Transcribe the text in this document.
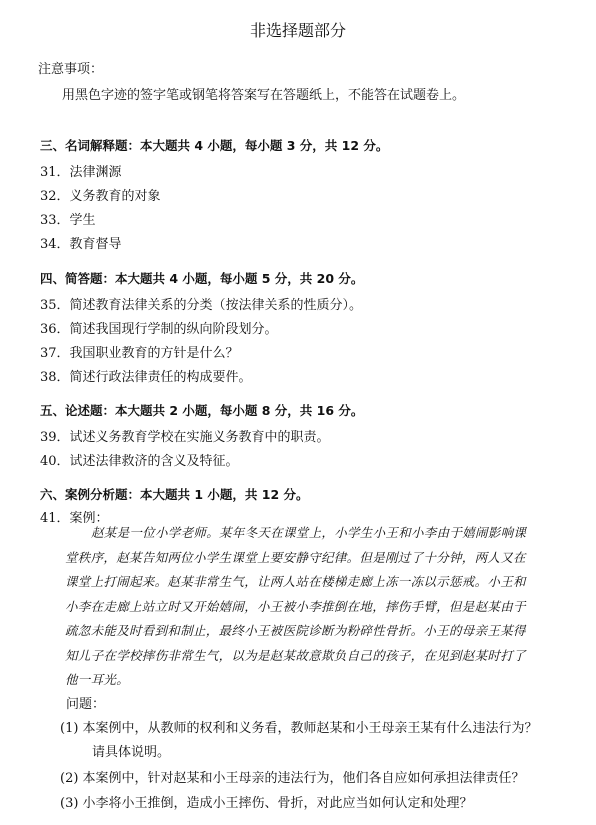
非选择题部分
注意事项：
用黑色字迹的签字笔或钢笔将答案写在答题纸上，不能答在试题卷上。
三、名词解释题：本大题共 4 小题，每小题 3 分，共 12 分。
31．法律渊源
32．义务教育的对象
33．学生
34．教育督导
四、简答题：本大题共 4 小题，每小题 5 分，共 20 分。
35．简述教育法律关系的分类（按法律关系的性质分）。
36．简述我国现行学制的纵向阶段划分。
37．我国职业教育的方针是什么？
38．简述行政法律责任的构成要件。
五、论述题：本大题共 2 小题，每小题 8 分，共 16 分。
39．试述义务教育学校在实施义务教育中的职责。
40．试述法律救济的含义及特征。
六、案例分析题：本大题共 1 小题，共 12 分。
41．案例：

赵某是一位小学老师。某年冬天在课堂上，小学生小王和小李由于嬉闹影响课

堂秩序，赵某告知两位小学生课堂上要安静守纪律。但是刚过了十分钟，两人又在

课堂上打闹起来。赵某非常生气，让两人站在楼梯走廊上冻一冻以示惩戒。小王和

小李在走廊上站立时又开始嬉闹，小王被小李推倒在地，摔伤手臂，但是赵某由于

疏忽未能及时看到和制止，最终小王被医院诊断为粉碎性骨折。小王的母亲王某得

知儿子在学校摔伤非常生气，以为是赵某故意欺负自己的孩子，在见到赵某时打了

他一耳光。

问题：
(1) 本案例中，从教师的权利和义务看，教师赵某和小王母亲王某有什么违法行为？
请具体说明。
(2) 本案例中，针对赵某和小王母亲的违法行为，他们各自应如何承担法律责任？
(3) 小李将小王推倒，造成小王摔伤、骨折，对此应当如何认定和处理？
